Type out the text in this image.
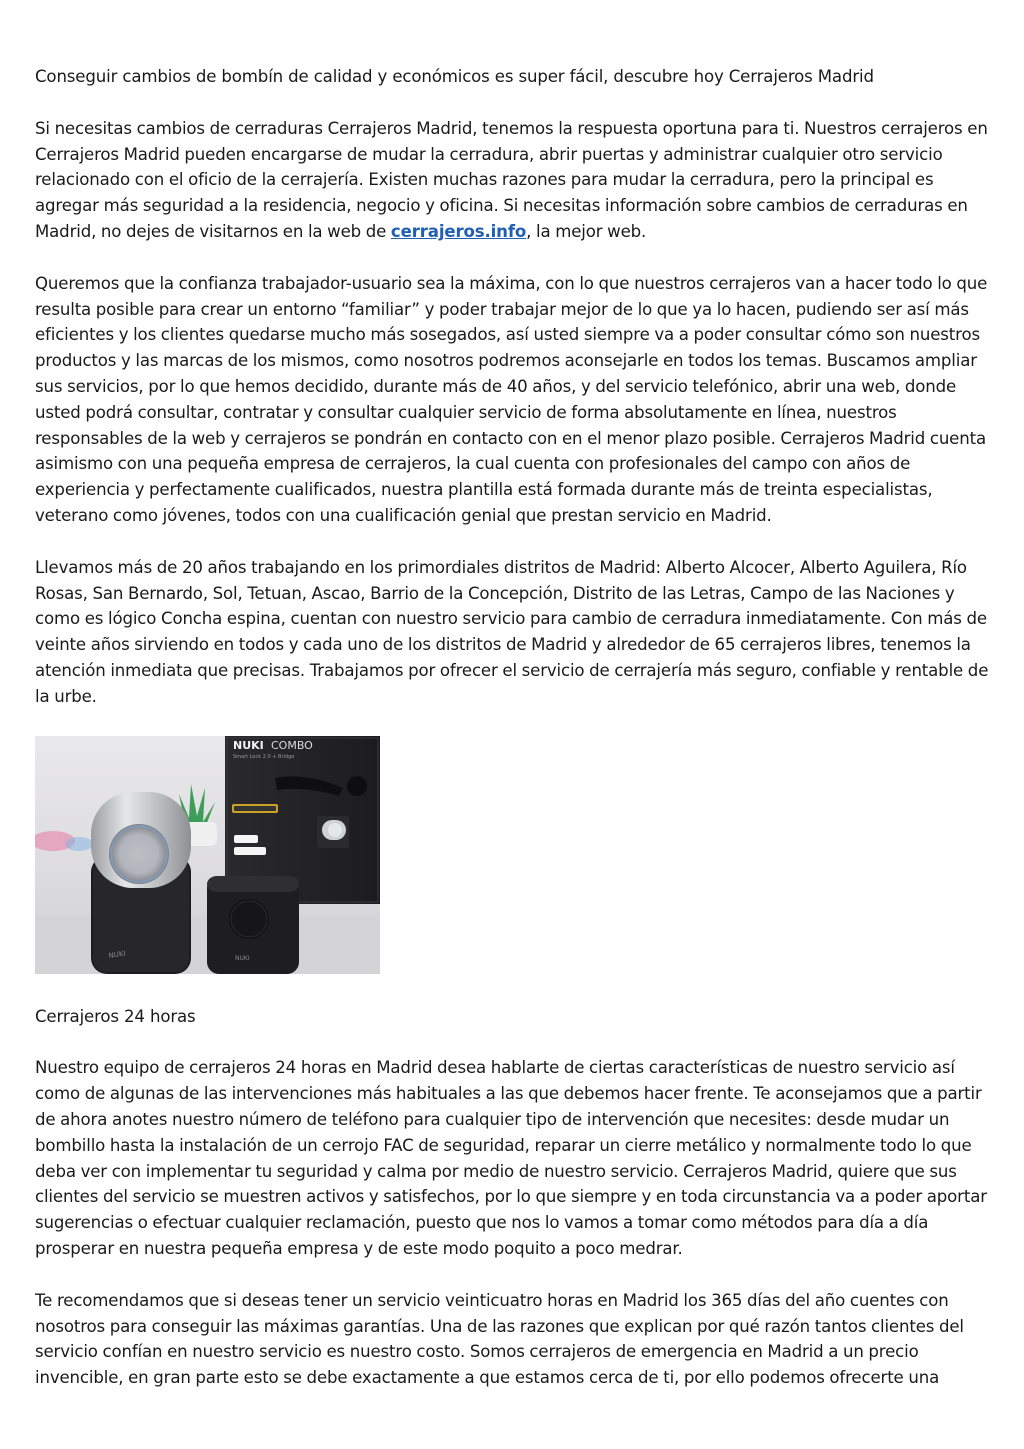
Conseguir cambios de bombín de calidad y económicos es super fácil, descubre hoy Cerrajeros Madrid

Si necesitas cambios de cerraduras Cerrajeros Madrid, tenemos la respuesta oportuna para ti. Nuestros cerrajeros en Cerrajeros Madrid pueden encargarse de mudar la cerradura, abrir puertas y administrar cualquier otro servicio relacionado con el oficio de la cerrajería. Existen muchas razones para mudar la cerradura, pero la principal es agregar más seguridad a la residencia, negocio y oficina. Si necesitas información sobre cambios de cerraduras en Madrid, no dejes de visitarnos en la web de cerrajeros.info, la mejor web.

Queremos que la confianza trabajador-usuario sea la máxima, con lo que nuestros cerrajeros van a hacer todo lo que resulta posible para crear un entorno “familiar” y poder trabajar mejor de lo que ya lo hacen, pudiendo ser así más eficientes y los clientes quedarse mucho más sosegados, así usted siempre va a poder consultar cómo son nuestros productos y las marcas de los mismos, como nosotros podremos aconsejarle en todos los temas. Buscamos ampliar sus servicios, por lo que hemos decidido, durante más de 40 años, y del servicio telefónico, abrir una web, donde usted podrá consultar, contratar y consultar cualquier servicio de forma absolutamente en línea, nuestros responsables de la web y cerrajeros se pondrán en contacto con en el menor plazo posible. Cerrajeros Madrid cuenta asimismo con una pequeña empresa de cerrajeros, la cual cuenta con profesionales del campo con años de experiencia y perfectamente cualificados, nuestra plantilla está formada durante más de treinta especialistas, veterano como jóvenes, todos con una cualificación genial que prestan servicio en Madrid.

Llevamos más de 20 años trabajando en los primordiales distritos de Madrid: Alberto Alcocer, Alberto Aguilera, Río Rosas, San Bernardo, Sol, Tetuan, Ascao, Barrio de la Concepción, Distrito de las Letras, Campo de las Naciones y como es lógico Concha espina, cuentan con nuestro servicio para cambio de cerradura inmediatamente. Con más de veinte años sirviendo en todos y cada uno de los distritos de Madrid y alrededor de 65 cerrajeros libres, tenemos la atención inmediata que precisas. Trabajamos por ofrecer el servicio de cerrajería más seguro, confiable y rentable de la urbe.

NUKI COMBO
Smart Lock 2.0 + Bridge
NUKI	NUKI

Cerrajeros 24 horas

Nuestro equipo de cerrajeros 24 horas en Madrid desea hablarte de ciertas características de nuestro servicio así como de algunas de las intervenciones más habituales a las que debemos hacer frente. Te aconsejamos que a partir de ahora anotes nuestro número de teléfono para cualquier tipo de intervención que necesites: desde mudar un bombillo hasta la instalación de un cerrojo FAC de seguridad, reparar un cierre metálico y normalmente todo lo que deba ver con implementar tu seguridad y calma por medio de nuestro servicio. Cerrajeros Madrid, quiere que sus clientes del servicio se muestren activos y satisfechos, por lo que siempre y en toda circunstancia va a poder aportar sugerencias o efectuar cualquier reclamación, puesto que nos lo vamos a tomar como métodos para día a día prosperar en nuestra pequeña empresa y de este modo poquito a poco medrar.

Te recomendamos que si deseas tener un servicio veinticuatro horas en Madrid los 365 días del año cuentes con nosotros para conseguir las máximas garantías. Una de las razones que explican por qué razón tantos clientes del servicio confían en nuestro servicio es nuestro costo. Somos cerrajeros de emergencia en Madrid a un precio invencible, en gran parte esto se debe exactamente a que estamos cerca de ti, por ello podemos ofrecerte una
